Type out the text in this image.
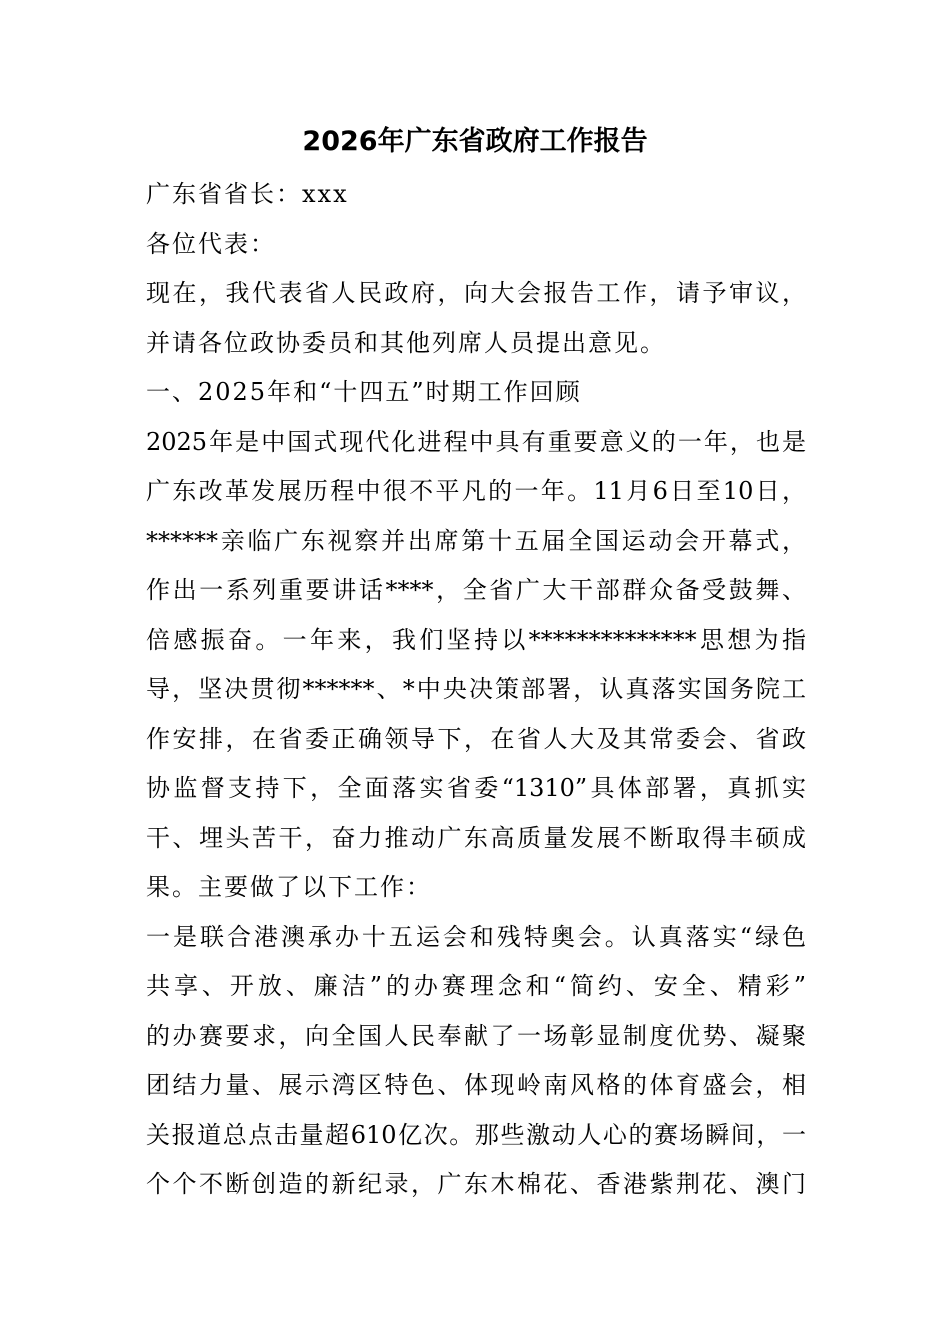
2026年广东省政府工作报告
广东省省长：xxx
各位代表：
现在，我代表省人民政府，向大会报告工作，请予审议，
并请各位政协委员和其他列席人员提出意见。
一、2025年和“十四五”时期工作回顾
2025年是中国式现代化进程中具有重要意义的一年，也是
广东改革发展历程中很不平凡的一年。11月6日至10日，
******亲临广东视察并出席第十五届全国运动会开幕式，
作出一系列重要讲话****，全省广大干部群众备受鼓舞、
倍感振奋。一年来，我们坚持以**************思想为指
导，坚决贯彻******、*中央决策部署，认真落实国务院工
作安排，在省委正确领导下，在省人大及其常委会、省政
协监督支持下，全面落实省委“1310”具体部署，真抓实
干、埋头苦干，奋力推动广东高质量发展不断取得丰硕成
果。主要做了以下工作：
一是联合港澳承办十五运会和残特奥会。认真落实“绿色
共享、开放、廉洁”的办赛理念和“简约、安全、精彩”
的办赛要求，向全国人民奉献了一场彰显制度优势、凝聚
团结力量、展示湾区特色、体现岭南风格的体育盛会，相
关报道总点击量超610亿次。那些激动人心的赛场瞬间，一
个个不断创造的新纪录，广东木棉花、香港紫荆花、澳门
